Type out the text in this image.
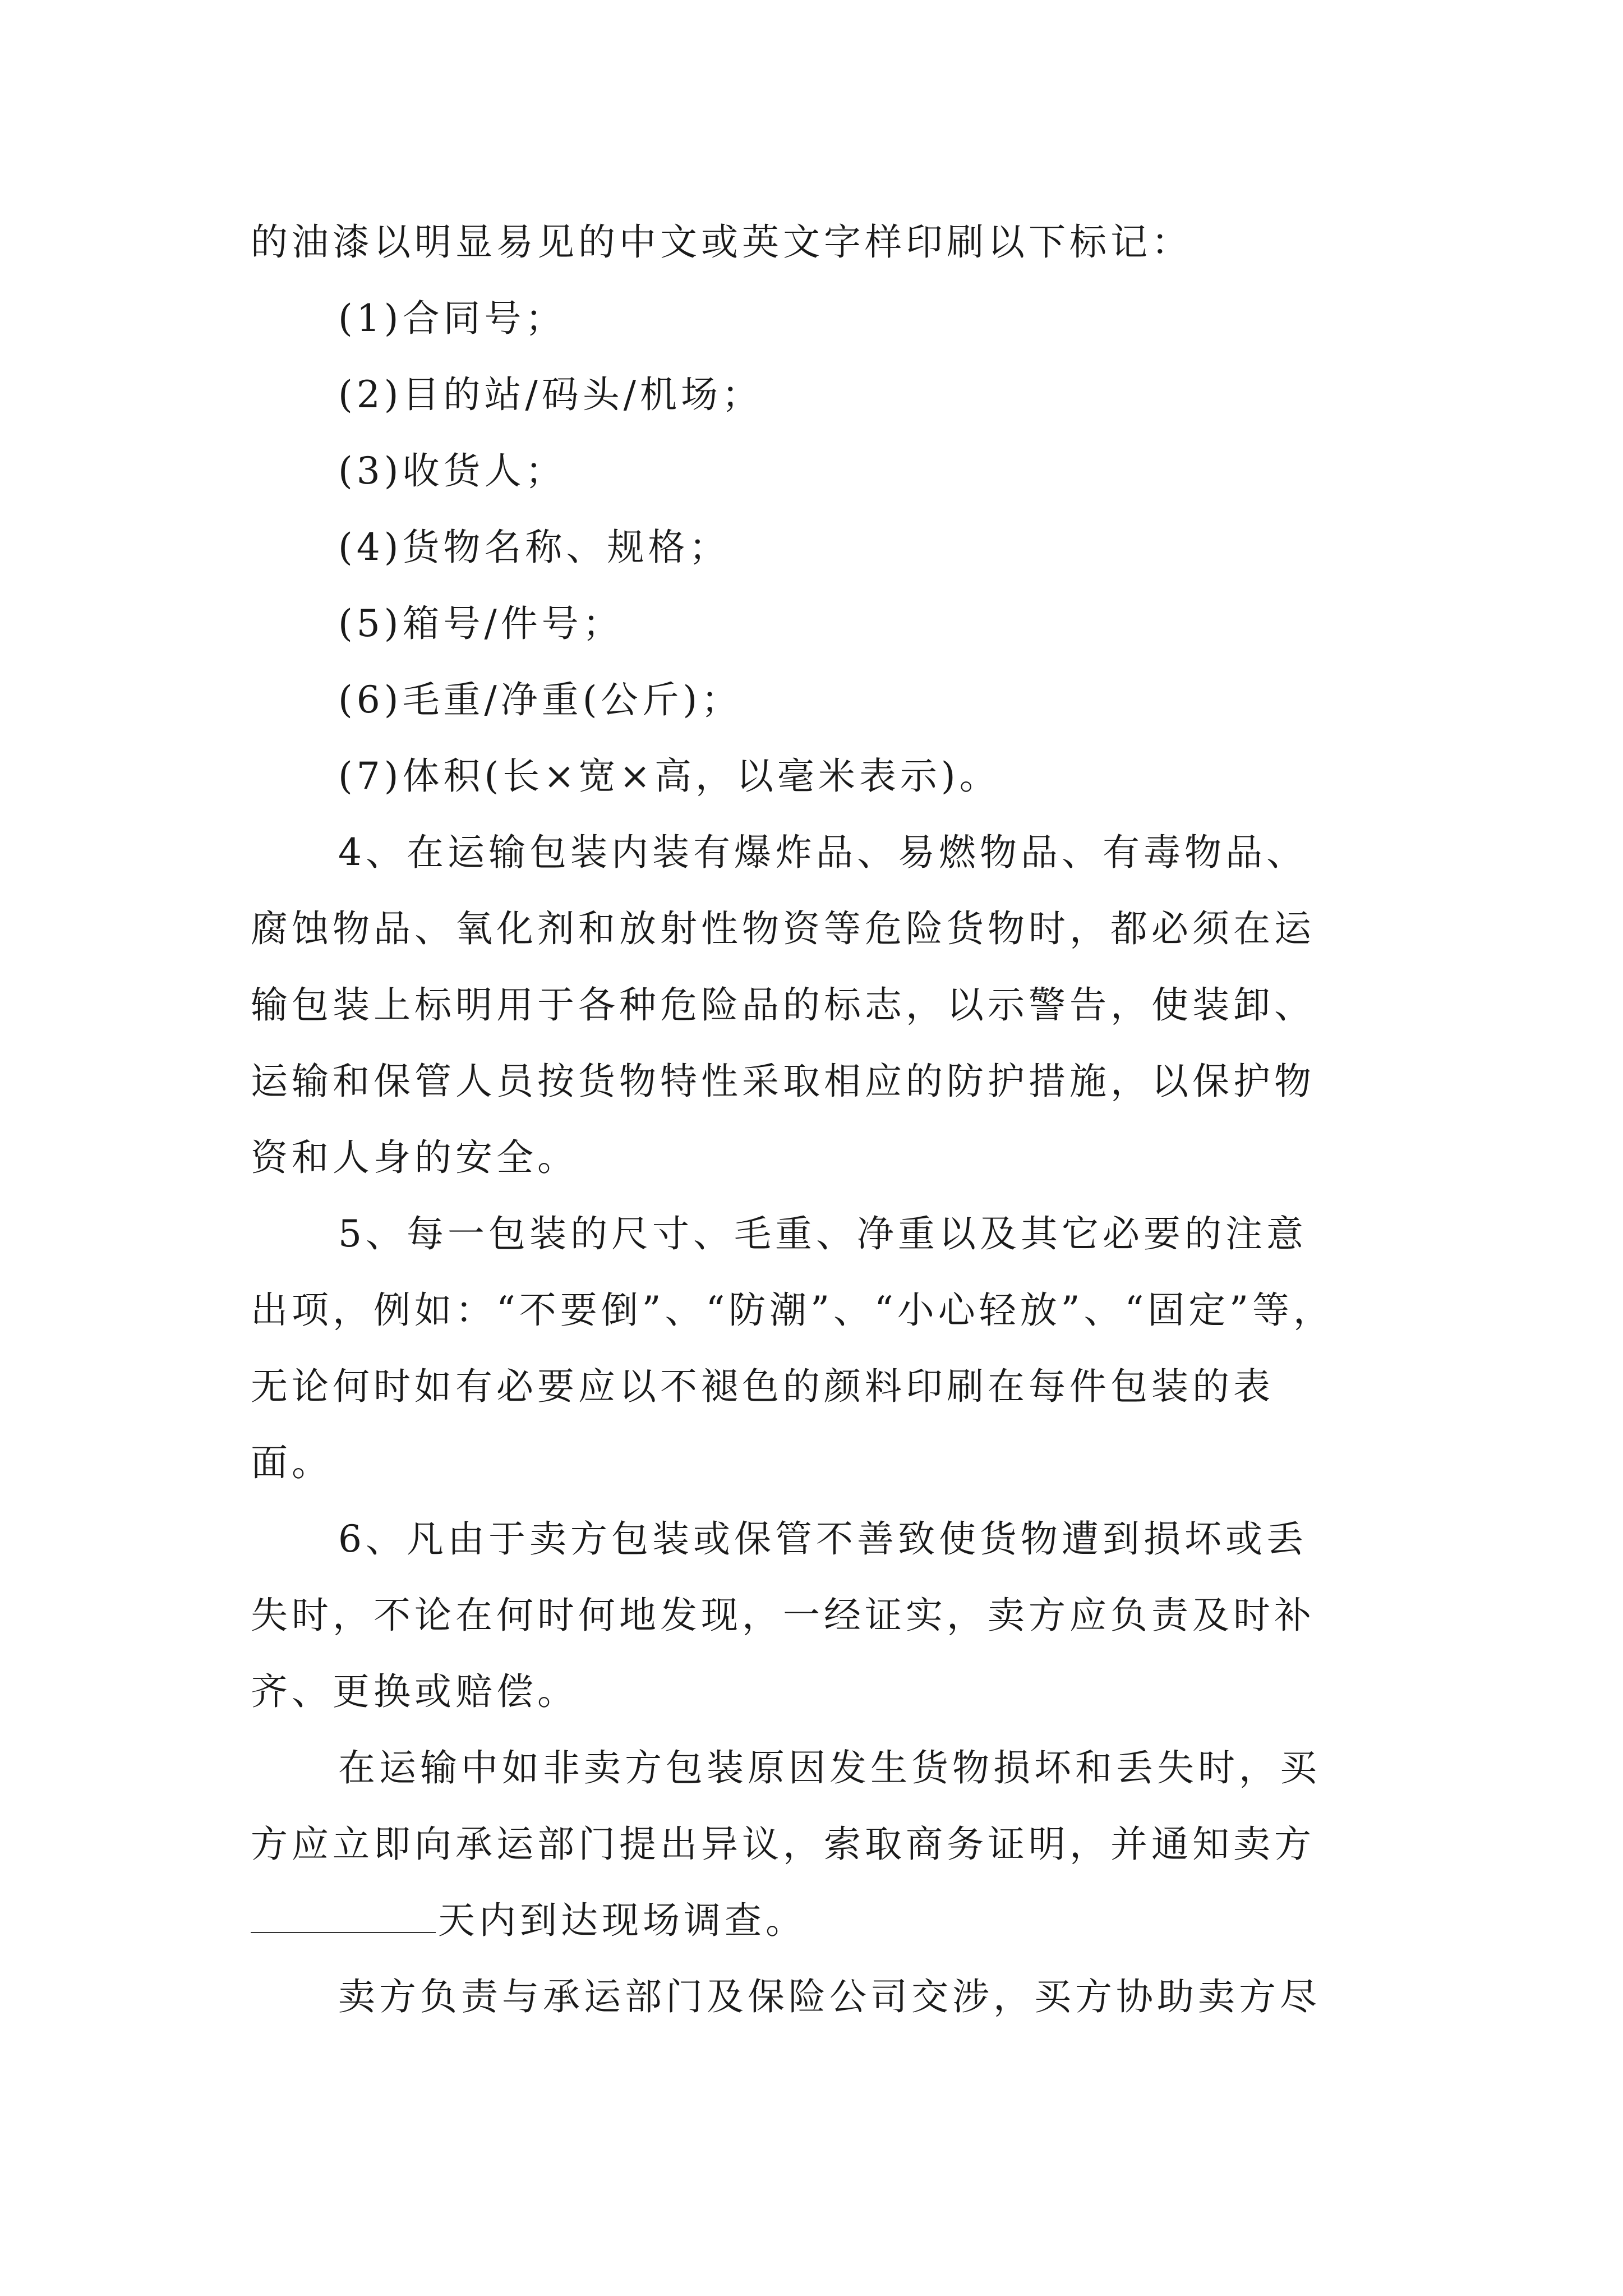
的油漆以明显易见的中文或英文字样印刷以下标记：
(1)合同号；
(2)目的站/码头/机场；
(3)收货人；
(4)货物名称、规格；
(5)箱号/件号；
(6)毛重/净重(公斤)；
(7)体积(长×宽×高，以毫米表示)。
4、在运输包装内装有爆炸品、易燃物品、有毒物品、
腐蚀物品、氧化剂和放射性物资等危险货物时，都必须在运
输包装上标明用于各种危险品的标志，以示警告，使装卸、
运输和保管人员按货物特性采取相应的防护措施，以保护物
资和人身的安全。
5、每一包装的尺寸、毛重、净重以及其它必要的注意
出项，例如：“不要倒”、“防潮”、“小心轻放”、“固定”等，
无论何时如有必要应以不褪色的颜料印刷在每件包装的表
面。
6、凡由于卖方包装或保管不善致使货物遭到损坏或丢
失时，不论在何时何地发现，一经证实，卖方应负责及时补
齐、更换或赔偿。
在运输中如非卖方包装原因发生货物损坏和丢失时，买
方应立即向承运部门提出异议，索取商务证明，并通知卖方
天内到达现场调查。
卖方负责与承运部门及保险公司交涉，买方协助卖方尽
